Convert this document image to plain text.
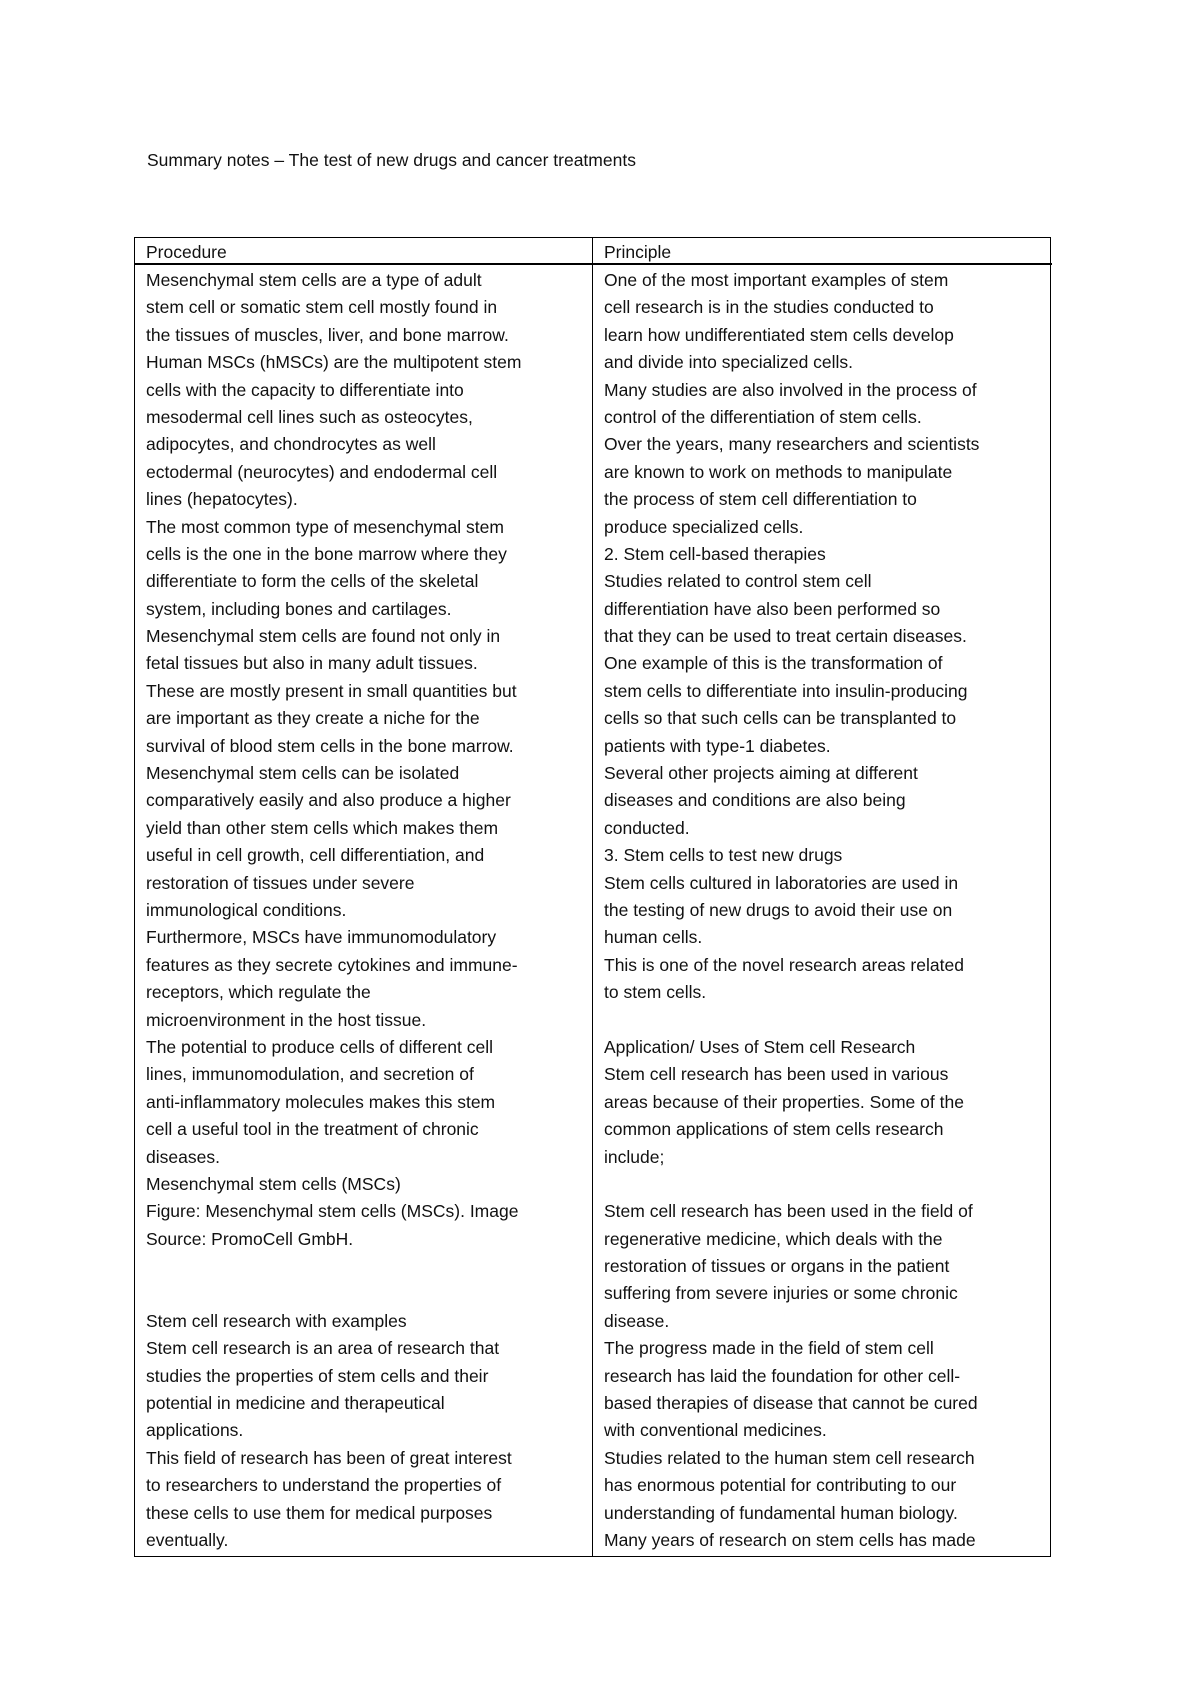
Summary notes – The test of new drugs and cancer treatments
Procedure	Principle
Mesenchymal stem cells are a type of adult
stem cell or somatic stem cell mostly found in
the tissues of muscles, liver, and bone marrow.
Human MSCs (hMSCs) are the multipotent stem
cells with the capacity to differentiate into
mesodermal cell lines such as osteocytes,
adipocytes, and chondrocytes as well
ectodermal (neurocytes) and endodermal cell
lines (hepatocytes).
The most common type of mesenchymal stem
cells is the one in the bone marrow where they
differentiate to form the cells of the skeletal
system, including bones and cartilages.
Mesenchymal stem cells are found not only in
fetal tissues but also in many adult tissues.
These are mostly present in small quantities but
are important as they create a niche for the
survival of blood stem cells in the bone marrow.
Mesenchymal stem cells can be isolated
comparatively easily and also produce a higher
yield than other stem cells which makes them
useful in cell growth, cell differentiation, and
restoration of tissues under severe
immunological conditions.
Furthermore, MSCs have immunomodulatory
features as they secrete cytokines and immune-
receptors, which regulate the
microenvironment in the host tissue.
The potential to produce cells of different cell
lines, immunomodulation, and secretion of
anti-inflammatory molecules makes this stem
cell a useful tool in the treatment of chronic
diseases.
Mesenchymal stem cells (MSCs)
Figure: Mesenchymal stem cells (MSCs). Image
Source: PromoCell GmbH.
Stem cell research with examples
Stem cell research is an area of research that
studies the properties of stem cells and their
potential in medicine and therapeutical
applications.
This field of research has been of great interest
to researchers to understand the properties of
these cells to use them for medical purposes
eventually.
One of the most important examples of stem
cell research is in the studies conducted to
learn how undifferentiated stem cells develop
and divide into specialized cells.
Many studies are also involved in the process of
control of the differentiation of stem cells.
Over the years, many researchers and scientists
are known to work on methods to manipulate
the process of stem cell differentiation to
produce specialized cells.
2. Stem cell-based therapies
Studies related to control stem cell
differentiation have also been performed so
that they can be used to treat certain diseases.
One example of this is the transformation of
stem cells to differentiate into insulin-producing
cells so that such cells can be transplanted to
patients with type-1 diabetes.
Several other projects aiming at different
diseases and conditions are also being
conducted.
3. Stem cells to test new drugs
Stem cells cultured in laboratories are used in
the testing of new drugs to avoid their use on
human cells.
This is one of the novel research areas related
to stem cells.
Application/ Uses of Stem cell Research
Stem cell research has been used in various
areas because of their properties. Some of the
common applications of stem cells research
include;
Stem cell research has been used in the field of
regenerative medicine, which deals with the
restoration of tissues or organs in the patient
suffering from severe injuries or some chronic
disease.
The progress made in the field of stem cell
research has laid the foundation for other cell-
based therapies of disease that cannot be cured
with conventional medicines.
Studies related to the human stem cell research
has enormous potential for contributing to our
understanding of fundamental human biology.
Many years of research on stem cells has made
